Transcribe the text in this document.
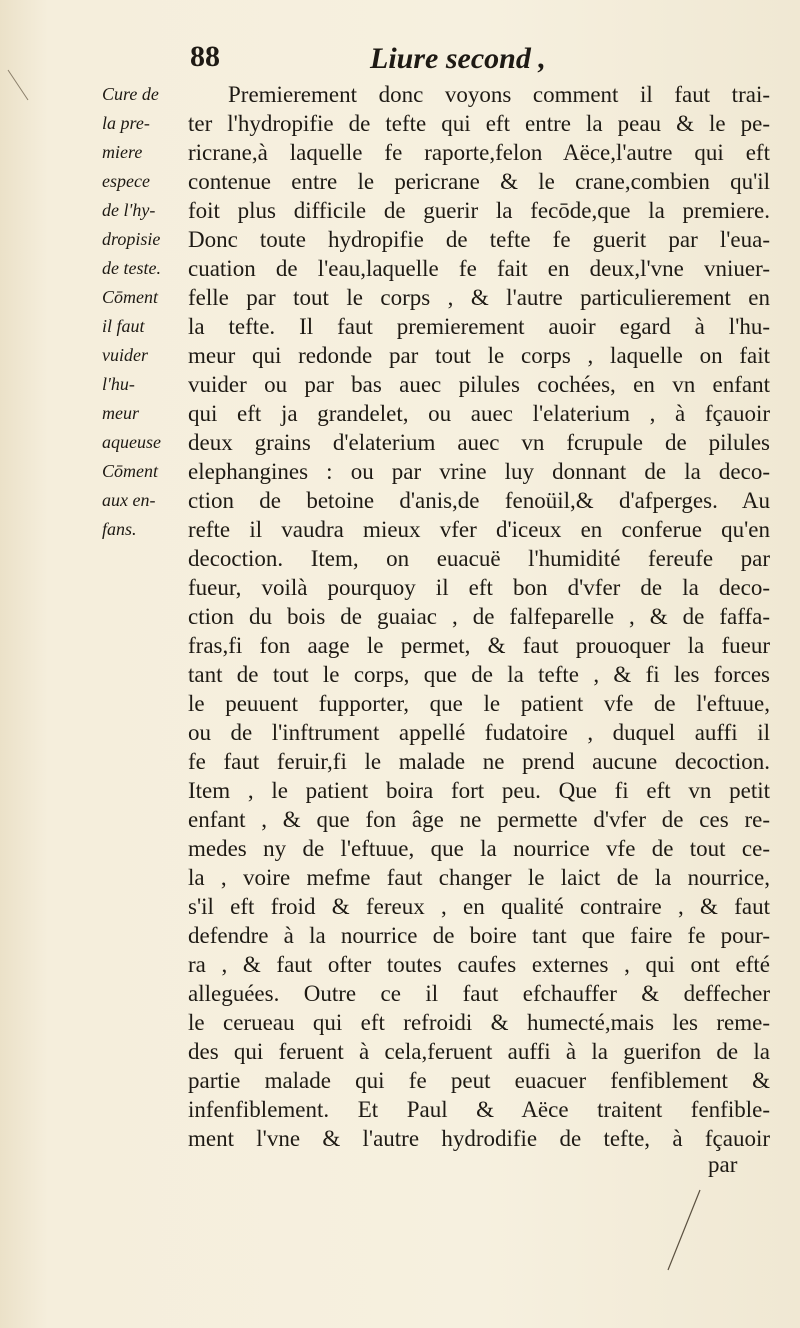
88	Liure second ,
Cure de
la pre-
miere
espece
de l'hy-
dropisie
de teste.
Cōment
il faut
vuider
l'hu-
meur
aqueuse
Cōment
aux en-
fans.
Premierement donc voyons comment il faut trai-
ter l'hydropifie de tefte qui eft entre la peau & le pe-
ricrane,à laquelle fe raporte,felon Aëce,l'autre qui eft
contenue entre le pericrane & le crane,combien qu'il
foit plus difficile de guerir la fecōde,que la premiere.
Donc toute hydropifie de tefte fe guerit par l'eua-
cuation de l'eau,laquelle fe fait en deux,l'vne vniuer-
felle par tout le corps , & l'autre particulierement en
la tefte. Il faut premierement auoir egard à l'hu-
meur qui redonde par tout le corps , laquelle on fait
vuider ou par bas auec pilules cochées, en vn enfant
qui eft ja grandelet, ou auec l'elaterium , à fçauoir
deux grains d'elaterium auec vn fcrupule de pilules
elephangines : ou par vrine luy donnant de la deco-
ction de betoine d'anis,de fenoüil,& d'afperges. Au
refte il vaudra mieux vfer d'iceux en conferue qu'en
decoction. Item, on euacuë l'humidité fereufe par
fueur, voilà pourquoy il eft bon d'vfer de la deco-
ction du bois de guaiac , de falfeparelle , & de faffa-
fras,fi fon aage le permet, & faut prouoquer la fueur
tant de tout le corps, que de la tefte , & fi les forces
le peuuent fupporter, que le patient vfe de l'eftuue,
ou de l'inftrument appellé fudatoire , duquel auffi il
fe faut feruir,fi le malade ne prend aucune decoction.
Item , le patient boira fort peu. Que fi eft vn petit
enfant , & que fon âge ne permette d'vfer de ces re-
medes ny de l'eftuue, que la nourrice vfe de tout ce-
la , voire mefme faut changer le laict de la nourrice,
s'il eft froid & fereux , en qualité contraire , & faut
defendre à la nourrice de boire tant que faire fe pour-
ra , & faut ofter toutes caufes externes , qui ont efté
alleguées. Outre ce il faut efchauffer & deffecher
le cerueau qui eft refroidi & humecté,mais les reme-
des qui feruent à cela,feruent auffi à la guerifon de la
partie malade qui fe peut euacuer fenfiblement &
infenfiblement. Et Paul & Aëce traitent fenfible-
ment l'vne & l'autre hydrodifie de tefte, à fçauoir
par
